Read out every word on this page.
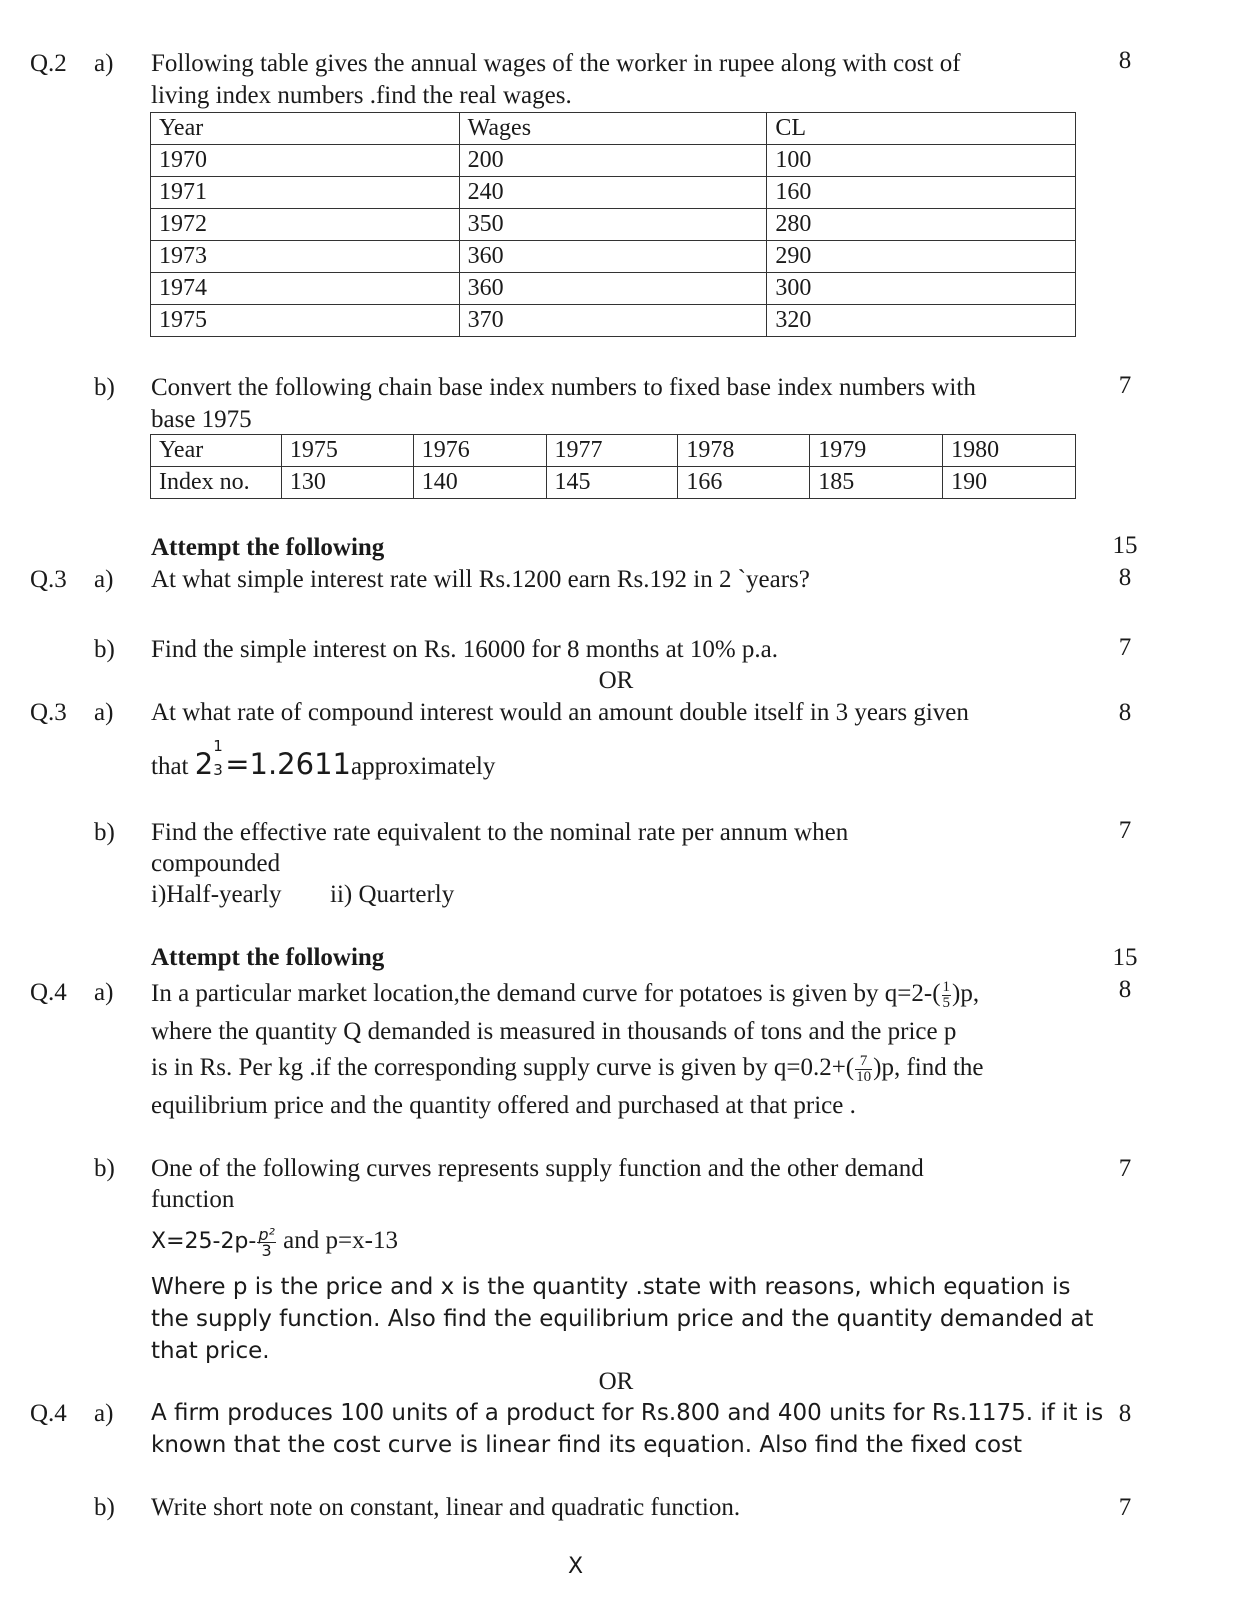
Q.2 a) Following table gives the annual wages of the worker in rupee along with cost of	8
living index numbers .find the real wages.
Year	Wages	CL
1970	200	100
1971	240	160
1972	350	280
1973	360	290
1974	360	300
1975	370	320
b) Convert the following chain base index numbers to fixed base index numbers with	7
base 1975
Year	1975	1976	1977	1978	1979	1980
Index no.	130	140	145	166	185	190
Attempt the following	15
Q.3 a) At what simple interest rate will Rs.1200 earn Rs.192 in 2 `years?	8
b) Find the simple interest on Rs. 16000 for 8 months at 10% p.a.	7
OR
Q.3 a) At what rate of compound interest would an amount double itself in 3 years given	8
that 2
1
3 =1.2611approximately
b) Find the effective rate equivalent to the nominal rate per annum when	7
compounded
i)Half-yearly ii) Quarterly
Attempt the following	15
Q.4 a)	8
In a particular market location,the demand curve for potatoes is given by $q=2-( \frac{1}{5} )p$,
where the quantity Q demanded is measured in thousands of tons and the price p
is in Rs. Per kg .if the corresponding supply curve is given by $q=0.2+( \frac{7}{10} )p$, find the
equilibrium price and the quantity offered and purchased at that price .
b) One of the following curves represents supply function and the other demand	7
function
$X=25-2p- \frac{\text{p²}}{3}$ and p=x-13
Where p is the price and x is the quantity .state with reasons, which equation is
the supply function. Also find the equilibrium price and the quantity demanded at
that price.
OR
Q.4 a) A firm produces 100 units of a product for Rs.800 and 400 units for Rs.1175. if it is 8
known that the cost curve is linear find its equation. Also find the fixed cost
b) Write short note on constant, linear and quadratic function.	7
X
